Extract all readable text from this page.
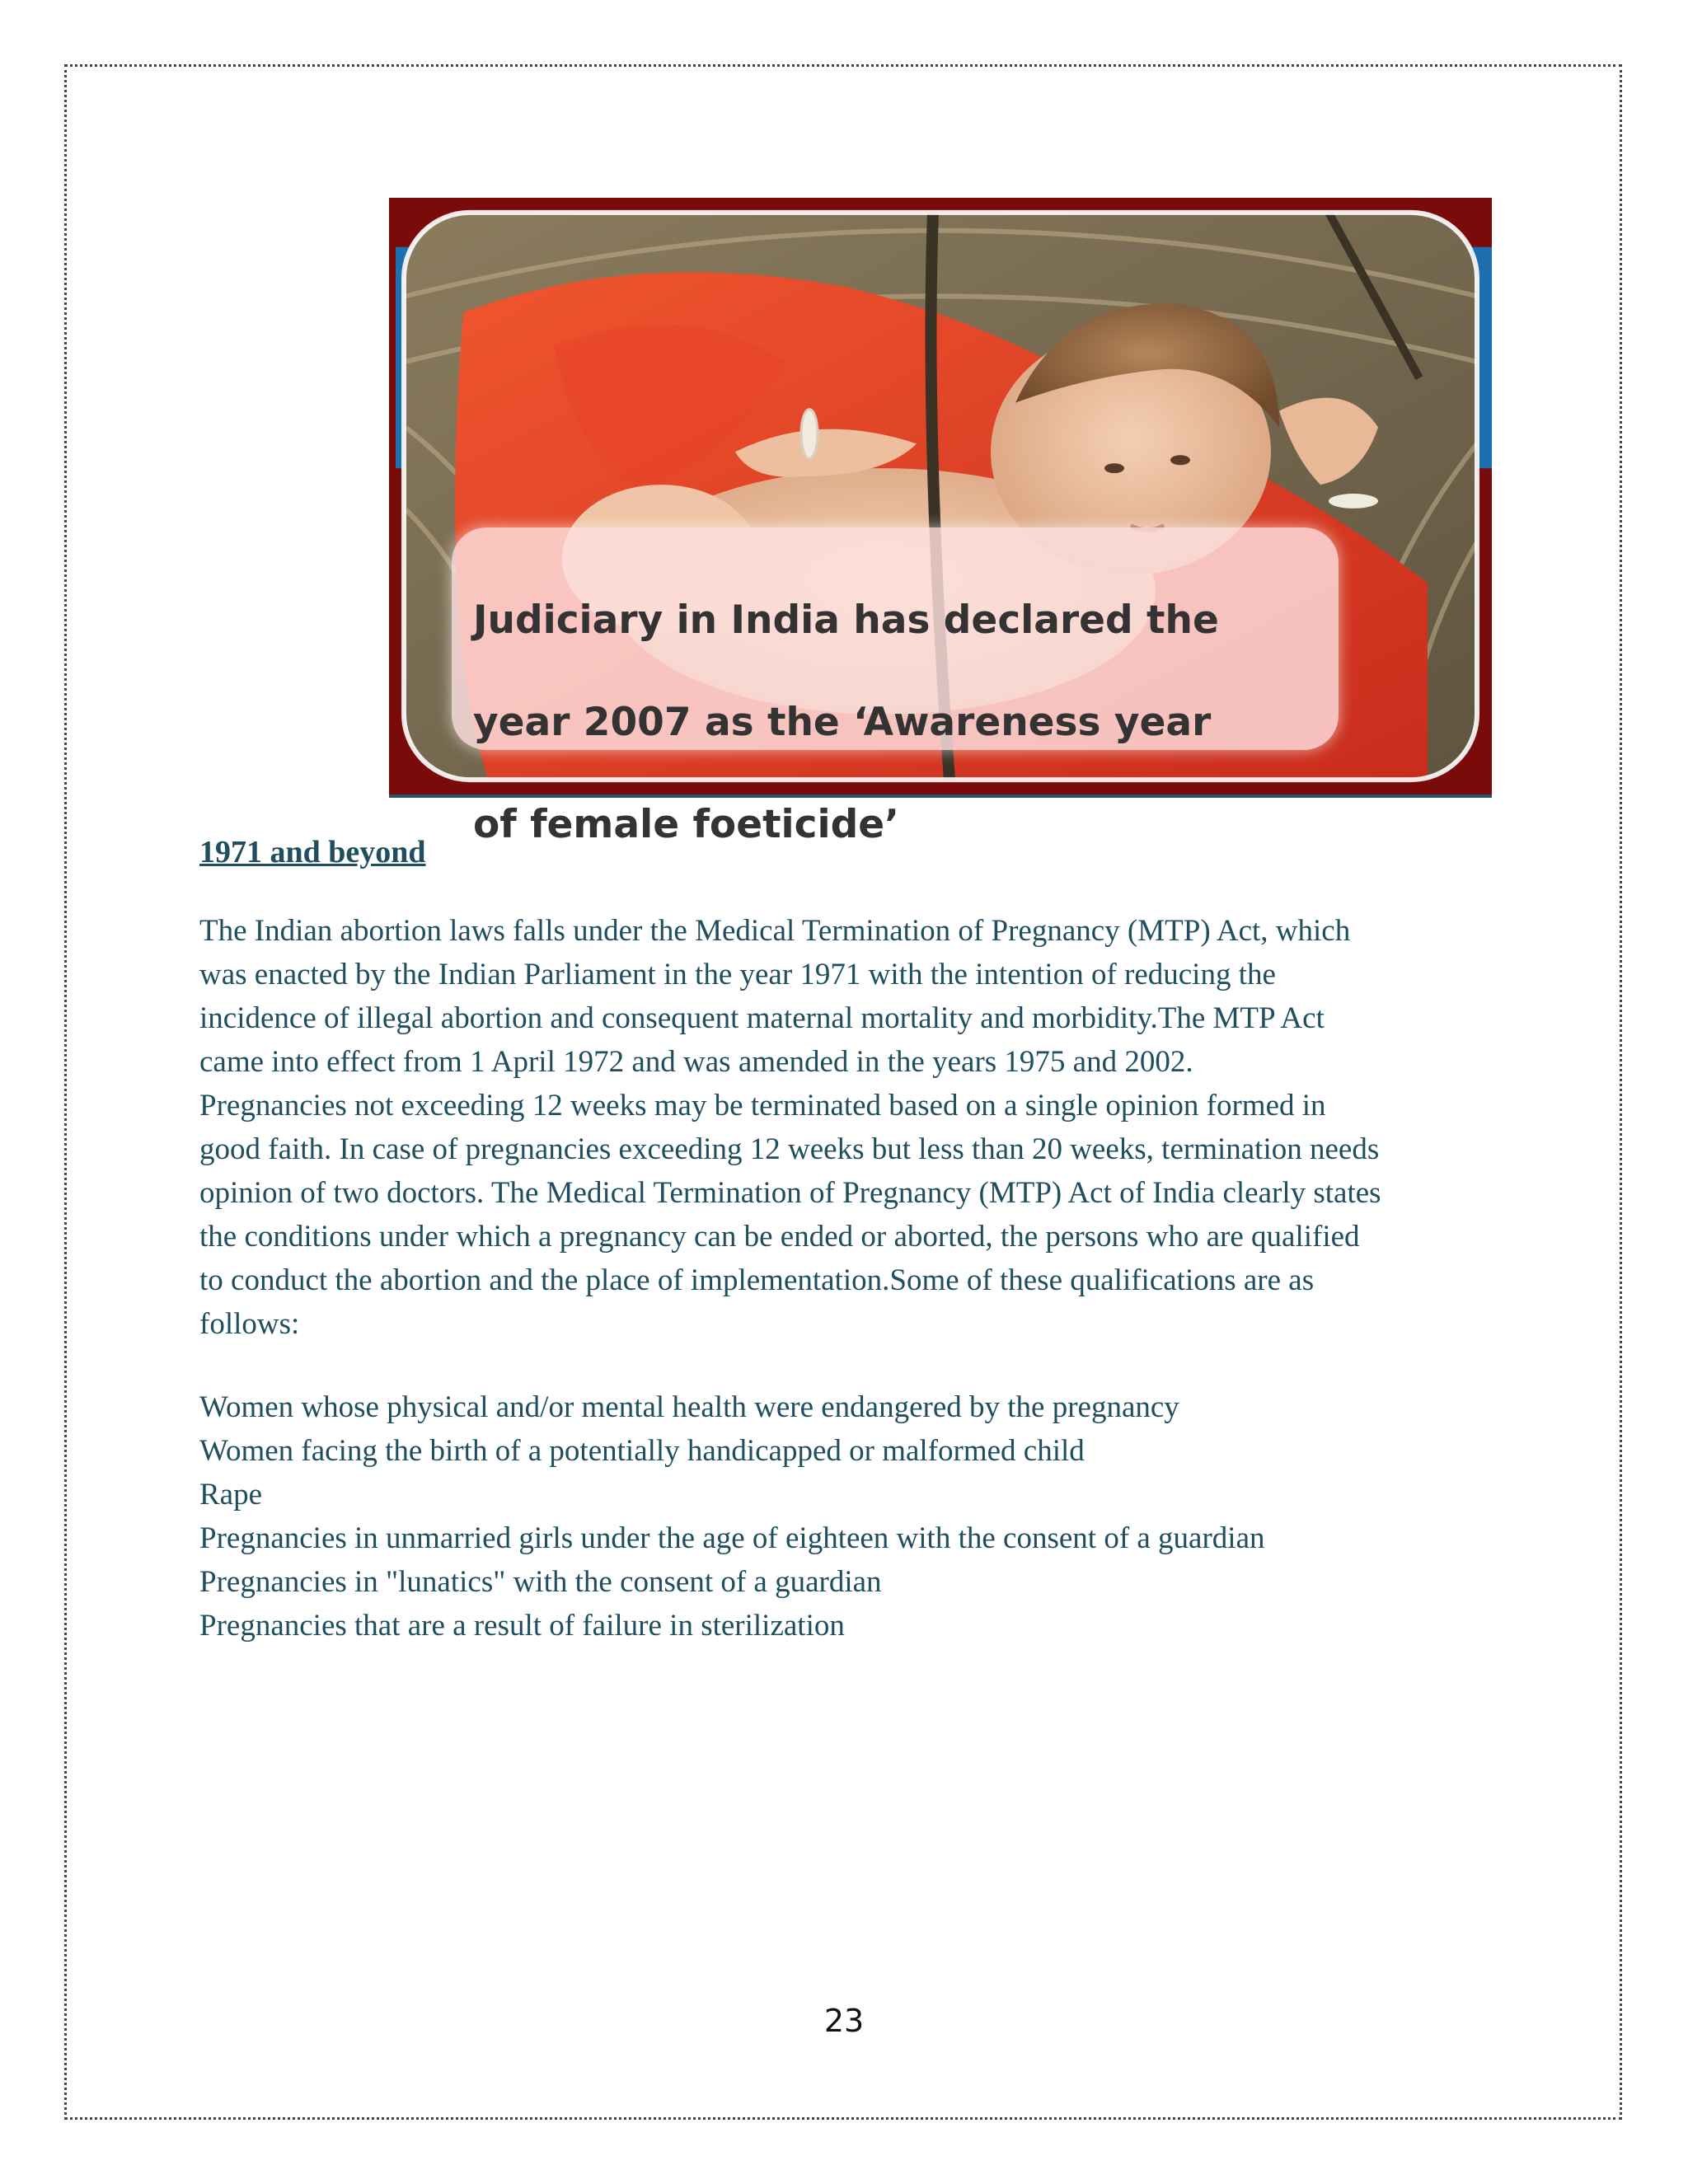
Judiciary in India has declared the

year 2007 as the ‘Awareness year

of female foeticide’

1971 and beyond
The Indian abortion laws falls under the Medical Termination of Pregnancy (MTP) Act, which
was enacted by the Indian Parliament in the year 1971 with the intention of reducing the
incidence of illegal abortion and consequent maternal mortality and morbidity.The MTP Act
came into effect from 1 April 1972 and was amended in the years 1975 and 2002.
Pregnancies not exceeding 12 weeks may be terminated based on a single opinion formed in
good faith. In case of pregnancies exceeding 12 weeks but less than 20 weeks, termination needs
opinion of two doctors. The Medical Termination of Pregnancy (MTP) Act of India clearly states
the conditions under which a pregnancy can be ended or aborted, the persons who are qualified
to conduct the abortion and the place of implementation.Some of these qualifications are as
follows:
Women whose physical and/or mental health were endangered by the pregnancy
Women facing the birth of a potentially handicapped or malformed child
Rape
Pregnancies in unmarried girls under the age of eighteen with the consent of a guardian
Pregnancies in "lunatics" with the consent of a guardian
Pregnancies that are a result of failure in sterilization
23
